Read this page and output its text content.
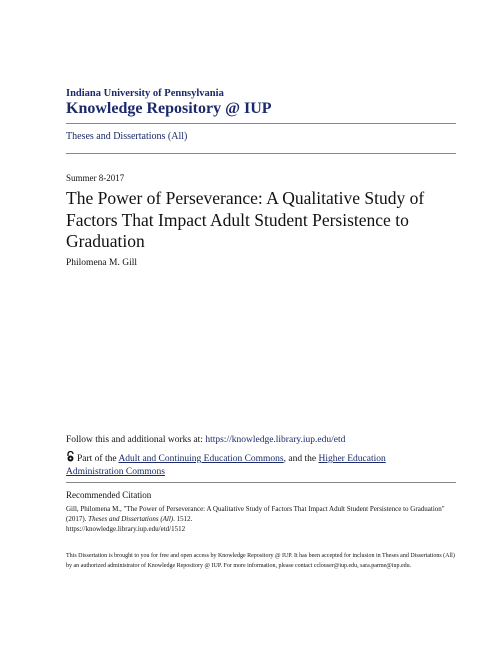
Indiana University of Pennsylvania
Knowledge Repository @ IUP
Theses and Dissertations (All)
Summer 8-2017
The Power of Perseverance: A Qualitative Study of Factors That Impact Adult Student Persistence to Graduation
Philomena M. Gill
Follow this and additional works at: https://knowledge.library.iup.edu/etd
Part of the Adult and Continuing Education Commons, and the Higher Education Administration Commons
Recommended Citation
Gill, Philomena M., "The Power of Perseverance: A Qualitative Study of Factors That Impact Adult Student Persistence to Graduation" (2017). Theses and Dissertations (All). 1512.
https://knowledge.library.iup.edu/etd/1512
This Dissertation is brought to you for free and open access by Knowledge Repository @ IUP. It has been accepted for inclusion in Theses and Dissertations (All) by an authorized administrator of Knowledge Repository @ IUP. For more information, please contact cclouser@iup.edu, sara.parme@iup.edu.
